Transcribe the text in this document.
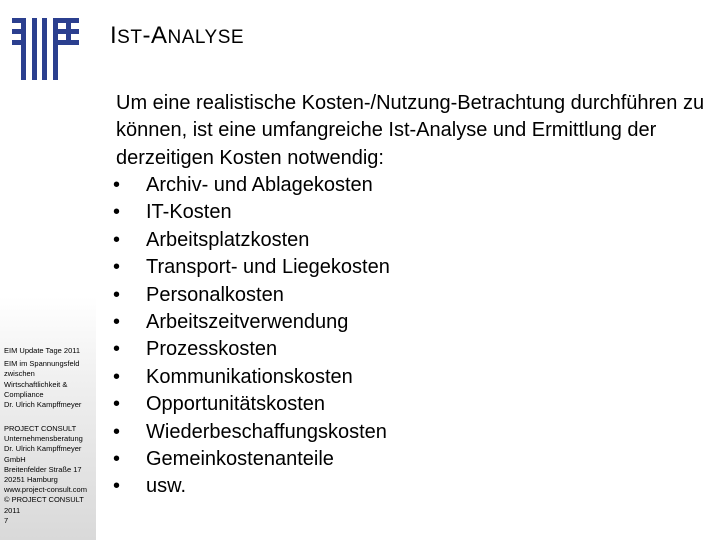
EIM Update Tage 2011
EIM im Spannungsfeld
zwischen
Wirtschaftlichkeit &
Compliance
Dr. Ulrich Kampffmeyer
PROJECT CONSULT
Unternehmensberatung
Dr. Ulrich Kampffmeyer
GmbH
Breitenfelder Straße 17
20251 Hamburg
www.project-consult.com
© PROJECT CONSULT
2011
7
IST-ANALYSE

Um eine realistische Kosten-/Nutzung-Betrachtung durchführen zu können, ist eine umfangreiche Ist-Analyse und Ermittlung der derzeitigen Kosten notwendig:

• Archiv- und Ablagekosten
• IT-Kosten
• Arbeitsplatzkosten
• Transport- und Liegekosten
• Personalkosten
• Arbeitszeitverwendung
• Prozesskosten
• Kommunikationskosten
• Opportunitätskosten
• Wiederbeschaffungskosten
• Gemeinkostenanteile
• usw.
